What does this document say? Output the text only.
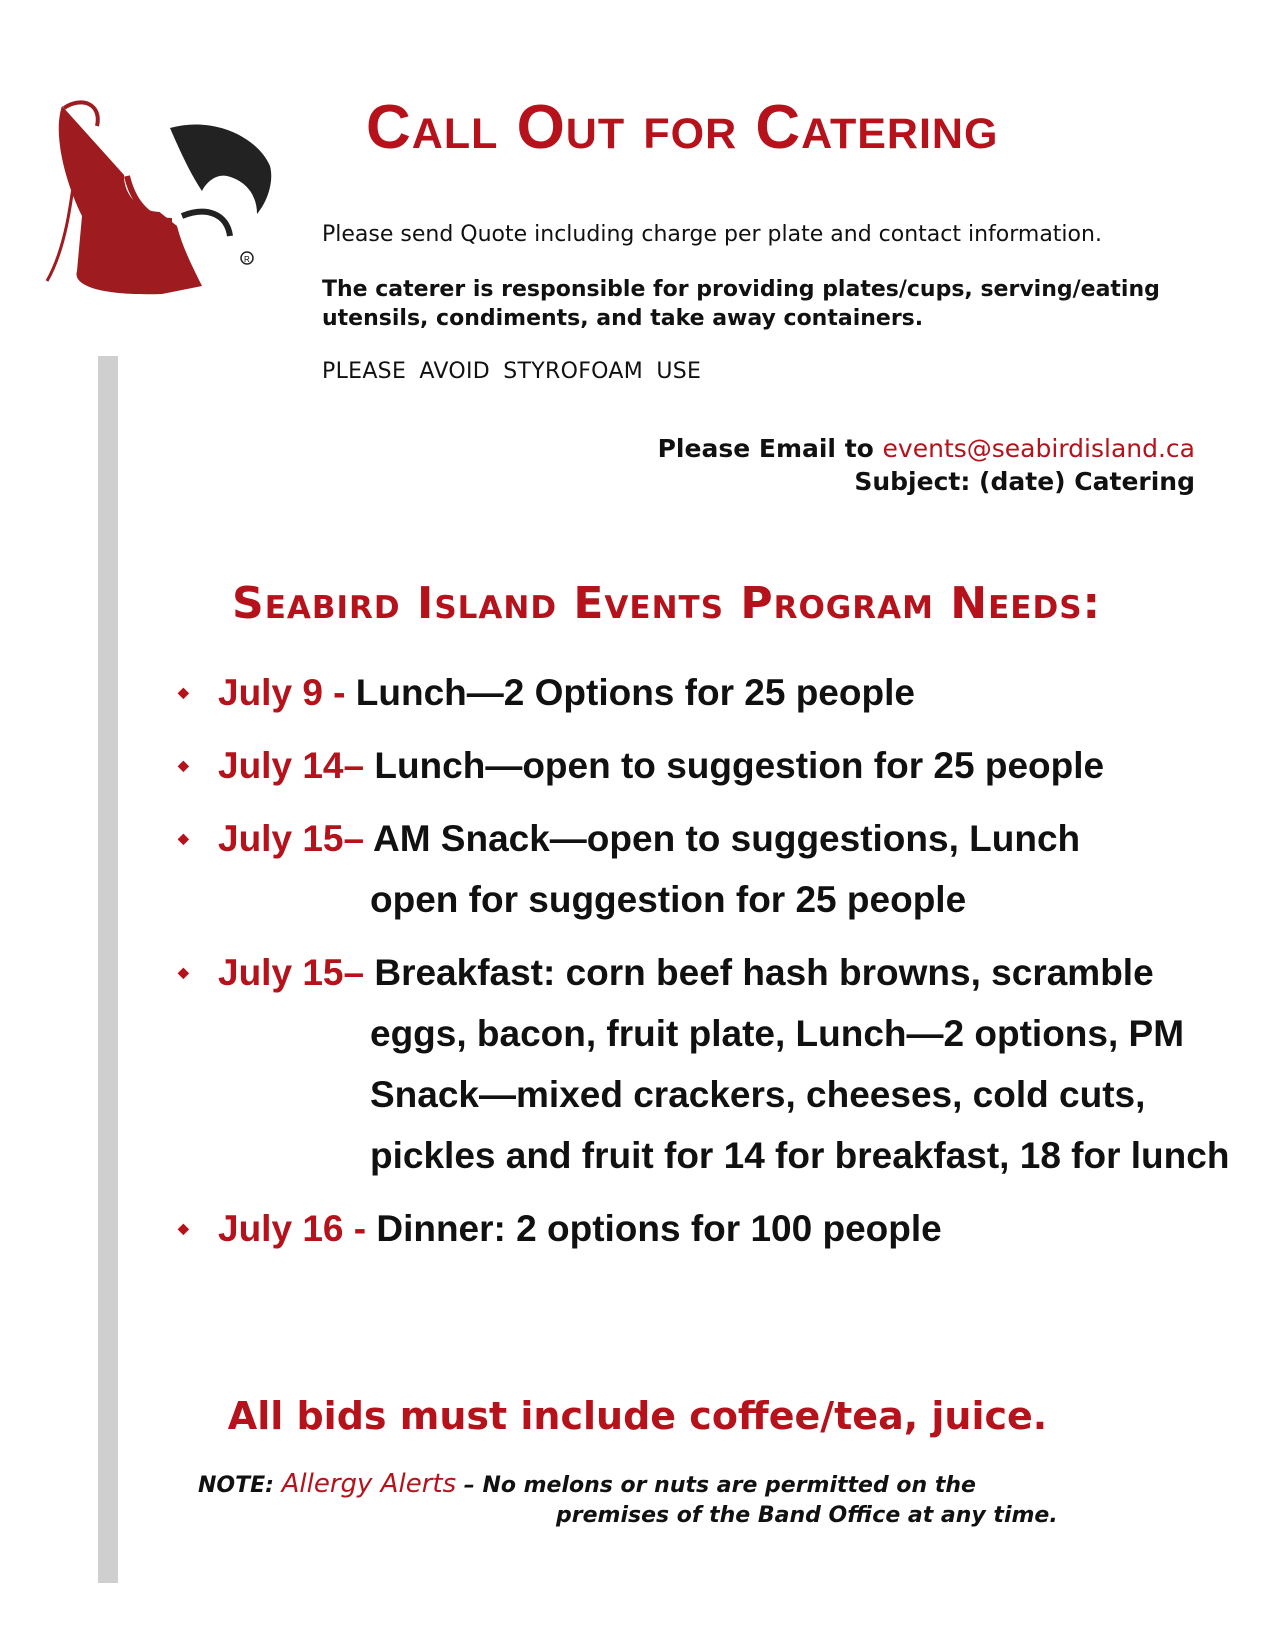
R
Call Out for Catering

Please send Quote including charge per plate and contact information.

The caterer is responsible for providing plates/cups, serving/eating utensils, condiments, and take away containers.

PLEASE AVOID STYROFOAM USE

Please Email to events@seabirdisland.ca
Subject: (date) Catering
Seabird Island Events Program Needs:
◆ July 9 - Lunch—2 Options for 25 people
◆ July 14– Lunch—open to suggestion for 25 people
◆ July 15– AM Snack—open to suggestions, Lunch
open for suggestion for 25 people
◆ July 15– Breakfast: corn beef hash browns, scramble
eggs, bacon, fruit plate, Lunch—2 options, PM Snack—mixed crackers, cheeses, cold cuts, pickles and fruit for 14 for breakfast, 18 for lunch
◆ July 16 - Dinner: 2 options for 100 people
All bids must include coffee/tea, juice.
NOTE: Allergy Alerts – No melons or nuts are permitted on the
premises of the Band Office at any time.
